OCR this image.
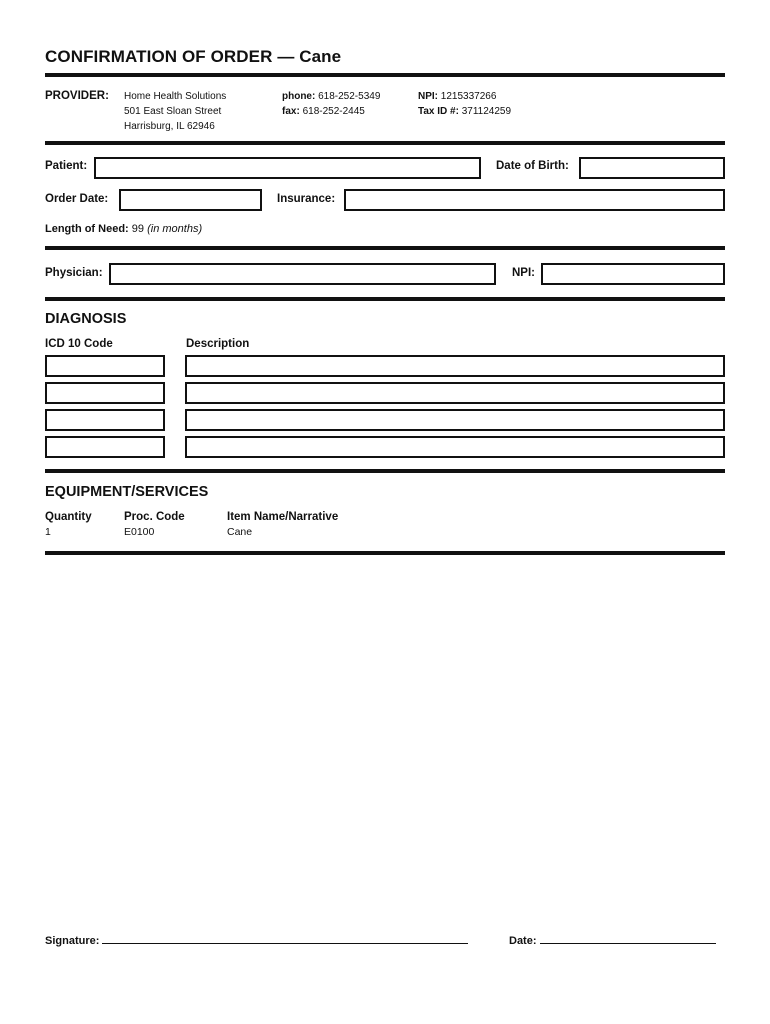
CONFIRMATION OF ORDER — Cane
PROVIDER: Home Health Solutions
501 East Sloan Street
Harrisburg, IL 62946
phone: 618-252-5349
fax: 618-252-2445
NPI: 1215337266
Tax ID #: 371124259
Patient:	Date of Birth:
Order Date:	Insurance:
Length of Need: 99 (in months)
Physician:	NPI:
DIAGNOSIS
ICD 10 Code	Description
EQUIPMENT/SERVICES
Quantity	Proc. Code	Item Name/Narrative
1	E0100	Cane
Signature:	Date:
